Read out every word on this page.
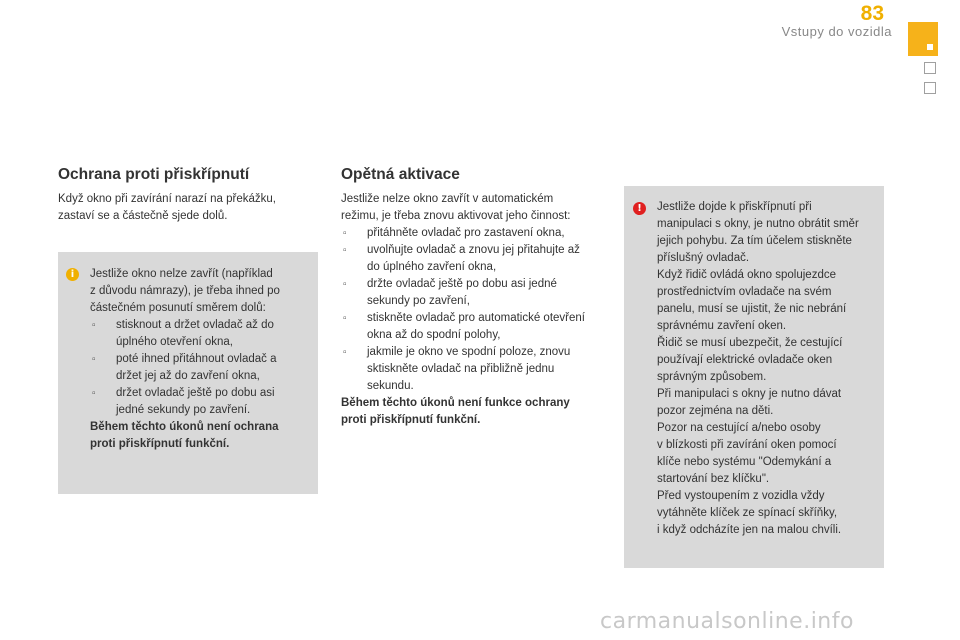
83
Vstupy do vozidla
Ochrana proti přiskřípnutí
Když okno při zavírání narazí na překážku,
zastaví se a částečně sjede dolů.
i	Jestliže okno nelze zavřít (například
z důvodu námrazy), je třeba ihned po
částečném posunutí směrem dolů:
▫ stisknout a držet ovladač až do
úplného otevření okna,
▫ poté ihned přitáhnout ovladač a
držet jej až do zavření okna,
▫ držet ovladač ještě po dobu asi
jedné sekundy po zavření.
Během těchto úkonů není ochrana
proti přiskřípnutí funkční.
Opětná aktivace
Jestliže nelze okno zavřít v automatickém
režimu, je třeba znovu aktivovat jeho činnost:
▫ přitáhněte ovladač pro zastavení okna,
▫ uvolňujte ovladač a znovu jej přitahujte až
do úplného zavření okna,
▫ držte ovladač ještě po dobu asi jedné
sekundy po zavření,
▫ stiskněte ovladač pro automatické otevření
okna až do spodní polohy,
▫ jakmile je okno ve spodní poloze, znovu
sktiskněte ovladač na přibližně jednu
sekundu.
Během těchto úkonů není funkce ochrany
proti přiskřípnutí funkční.
!	Jestliže dojde k přiskřípnutí při
manipulaci s okny, je nutno obrátit směr
jejich pohybu. Za tím účelem stiskněte
příslušný ovladač.
Když řidič ovládá okno spolujezdce
prostřednictvím ovladače na svém
panelu, musí se ujistit, že nic nebrání
správnému zavření oken.
Řidič se musí ubezpečit, že cestující
používají elektrické ovladače oken
správným způsobem.
Při manipulaci s okny je nutno dávat
pozor zejména na děti.
Pozor na cestující a/nebo osoby
v blízkosti při zavírání oken pomocí
klíče nebo systému "Odemykání a
startování bez klíčku".
Před vystoupením z vozidla vždy
vytáhněte klíček ze spínací skříňky,
i když odcházíte jen na malou chvíli.
carmanualsonline.info
